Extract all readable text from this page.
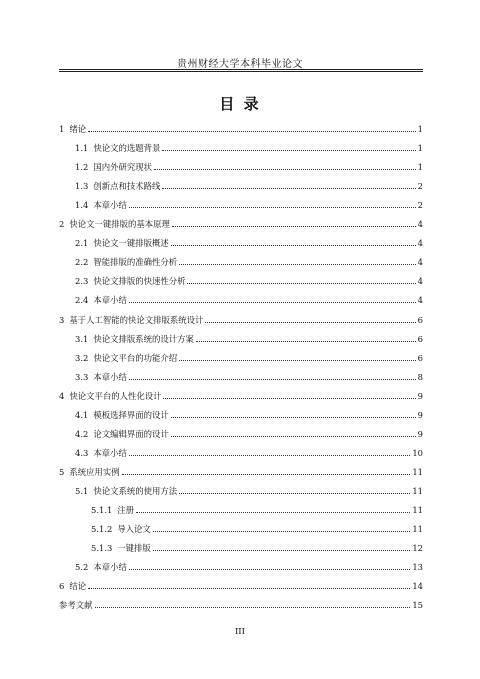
贵州财经大学本科毕业论文
目 录
1 绪论	1
1.1 快论文的选题背景	1
1.2 国内外研究现状	1
1.3 创新点和技术路线	2
1.4 本章小结	2
2 快论文一键排版的基本原理	4
2.1 快论文一键排版概述	4
2.2 智能排版的准确性分析	4
2.3 快论文排版的快速性分析	4
2.4 本章小结	4
3 基于人工智能的快论文排版系统设计	6
3.1 快论文排版系统的设计方案	6
3.2 快论文平台的功能介绍	6
3.3 本章小结	8
4 快论文平台的人性化设计	9
4.1 模板选择界面的设计	9
4.2 论文编辑界面的设计	9
4.3 本章小结	10
5 系统应用实例	11
5.1 快论文系统的使用方法	11
5.1.1 注册	11
5.1.2 导入论文	11
5.1.3 一键排版	12
5.2 本章小结	13
6 结论	14
参考文献	15
III
